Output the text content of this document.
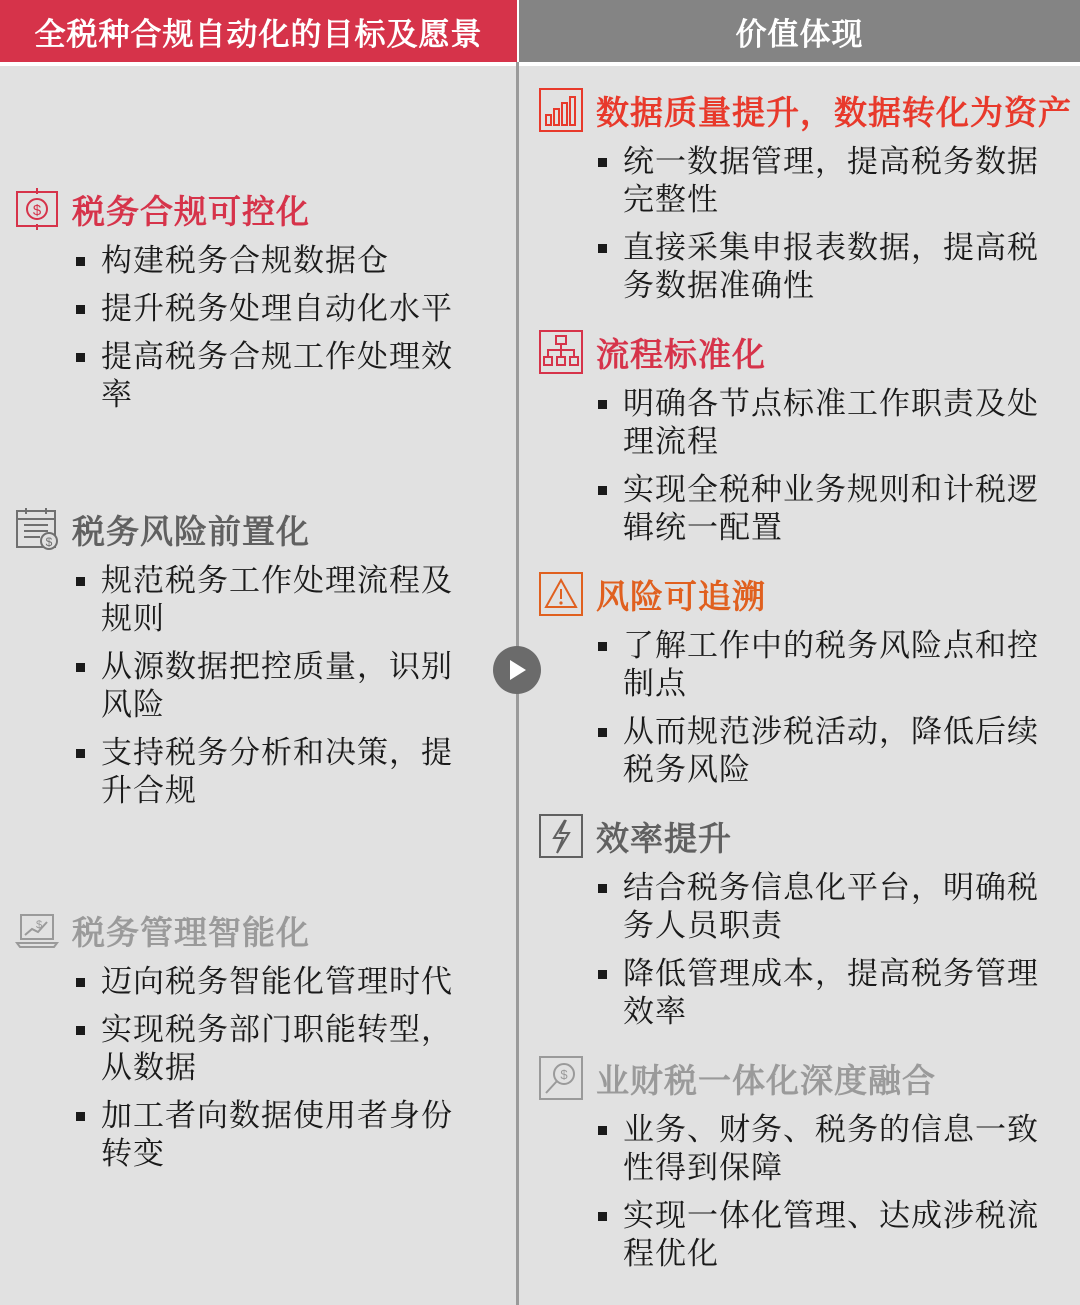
全税种合规自动化的目标及愿景	价值体现
$ 税务合规可控化
构建税务合规数据仓
提升税务处理自动化水平
提高税务合规工作处理效率
$ 税务风险前置化
规范税务工作处理流程及规则
从源数据把控质量，识别风险
支持税务分析和决策，提升合规
$ 税务管理智能化
迈向税务智能化管理时代
实现税务部门职能转型，从数据
加工者向数据使用者身份转变
数据质量提升，数据转化为资产
统一数据管理，提高税务数据完整性
直接采集申报表数据，提高税务数据准确性
流程标准化
明确各节点标准工作职责及处理流程
实现全税种业务规则和计税逻辑统一配置
风险可追溯
了解工作中的税务风险点和控制点
从而规范涉税活动，降低后续税务风险
效率提升
结合税务信息化平台，明确税务人员职责
降低管理成本，提高税务管理效率
$ 业财税一体化深度融合
业务、财务、税务的信息一致性得到保障
实现一体化管理、达成涉税流程优化
